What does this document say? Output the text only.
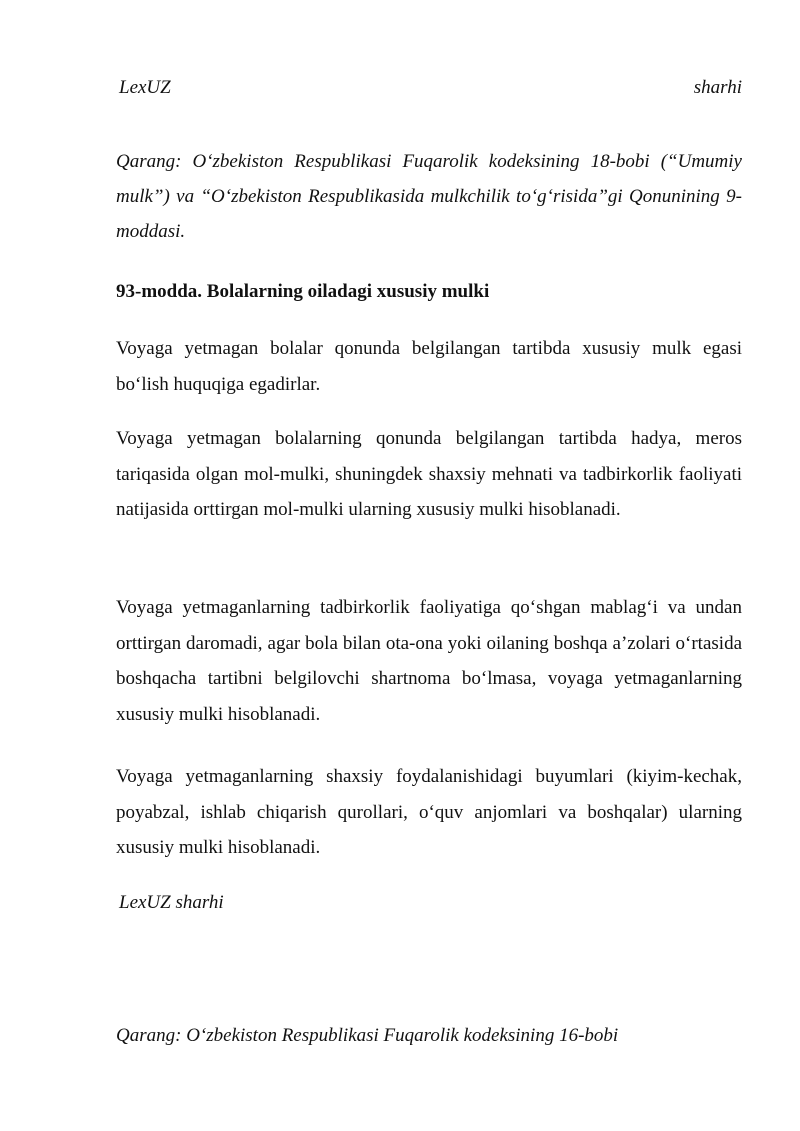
LexUZ	sharhi
Qarang: O‘zbekiston Respublikasi Fuqarolik kodeksining 18-bobi (“Umumiy mulk”) va “O‘zbekiston Respublikasida mulkchilik to‘g‘risida”gi Qonunining 9-moddasi.
93-modda. Bolalarning oiladagi xususiy mulki
Voyaga yetmagan bolalar qonunda belgilangan tartibda xususiy mulk egasi bo‘lish huquqiga egadirlar.
Voyaga yetmagan bolalarning qonunda belgilangan tartibda hadya, meros tariqasida olgan mol-mulki, shuningdek shaxsiy mehnati va tadbirkorlik faoliyati natijasida orttirgan mol-mulki ularning xususiy mulki hisoblanadi.
Voyaga yetmaganlarning tadbirkorlik faoliyatiga qo‘shgan mablag‘i va undan orttirgan daromadi, agar bola bilan ota-ona yoki oilaning boshqa a’zolari o‘rtasida boshqacha tartibni belgilovchi shartnoma bo‘lmasa, voyaga yetmaganlarning xususiy mulki hisoblanadi.
Voyaga yetmaganlarning shaxsiy foydalanishidagi buyumlari (kiyim-kechak, poyabzal, ishlab chiqarish qurollari, o‘quv anjomlari va boshqalar) ularning xususiy mulki hisoblanadi.
LexUZ sharhi
Qarang: O‘zbekiston Respublikasi Fuqarolik kodeksining 16-bobi
